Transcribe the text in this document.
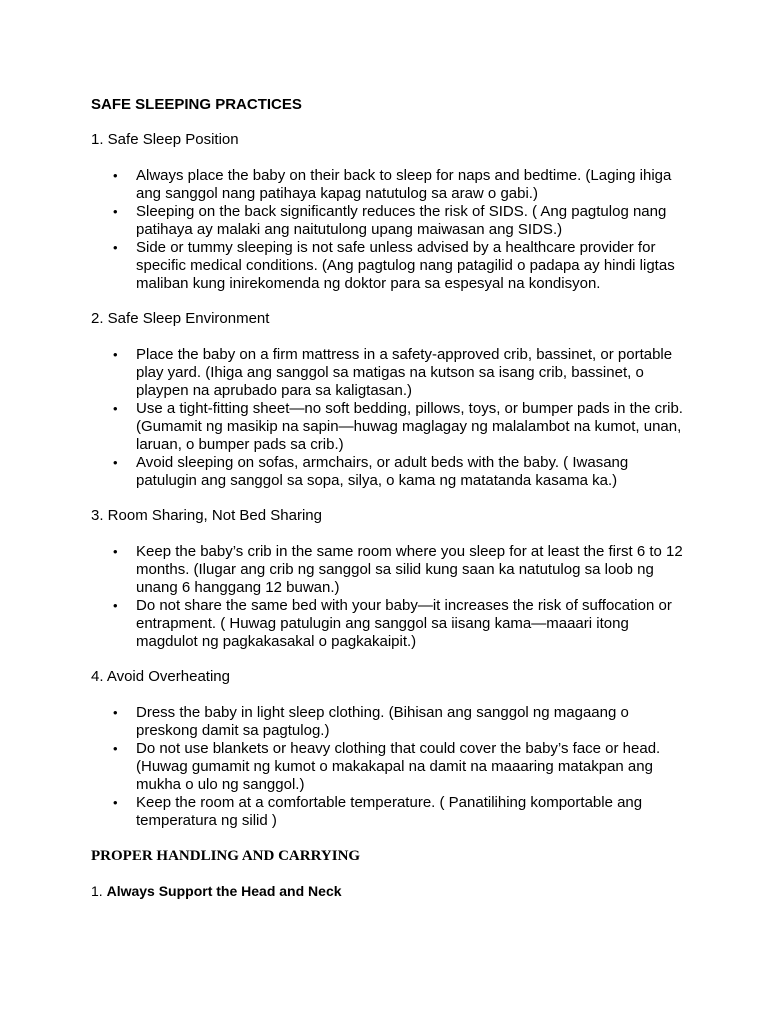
SAFE SLEEPING PRACTICES

1. Safe Sleep Position

• Always place the baby on their back to sleep for naps and bedtime. (Laging ihiga ang sanggol nang patihaya kapag natutulog sa araw o gabi.)
• Sleeping on the back significantly reduces the risk of SIDS. ( Ang pagtulog nang patihaya ay malaki ang naitutulong upang maiwasan ang SIDS.)
• Side or tummy sleeping is not safe unless advised by a healthcare provider for specific medical conditions. (Ang pagtulog nang patagilid o padapa ay hindi ligtas maliban kung inirekomenda ng doktor para sa espesyal na kondisyon.

2. Safe Sleep Environment

• Place the baby on a firm mattress in a safety-approved crib, bassinet, or portable play yard. (Ihiga ang sanggol sa matigas na kutson sa isang crib, bassinet, o playpen na aprubado para sa kaligtasan.)
• Use a tight-fitting sheet—no soft bedding, pillows, toys, or bumper pads in the crib. (Gumamit ng masikip na sapin—huwag maglagay ng malalambot na kumot, unan, laruan, o bumper pads sa crib.)
• Avoid sleeping on sofas, armchairs, or adult beds with the baby. ( Iwasang patulugin ang sanggol sa sopa, silya, o kama ng matatanda kasama ka.)

3. Room Sharing, Not Bed Sharing

• Keep the baby’s crib in the same room where you sleep for at least the first 6 to 12 months. (Ilugar ang crib ng sanggol sa silid kung saan ka natutulog sa loob ng unang 6 hanggang 12 buwan.)
• Do not share the same bed with your baby—it increases the risk of suffocation or entrapment. ( Huwag patulugin ang sanggol sa iisang kama—maaari itong magdulot ng pagkakasakal o pagkakaipit.)

4. Avoid Overheating

• Dress the baby in light sleep clothing. (Bihisan ang sanggol ng magaang o preskong damit sa pagtulog.)
• Do not use blankets or heavy clothing that could cover the baby’s face or head. (Huwag gumamit ng kumot o makakapal na damit na maaaring matakpan ang mukha o ulo ng sanggol.)
• Keep the room at a comfortable temperature. ( Panatilihing komportable ang temperatura ng silid )

PROPER HANDLING AND CARRYING

1. Always Support the Head and Neck
